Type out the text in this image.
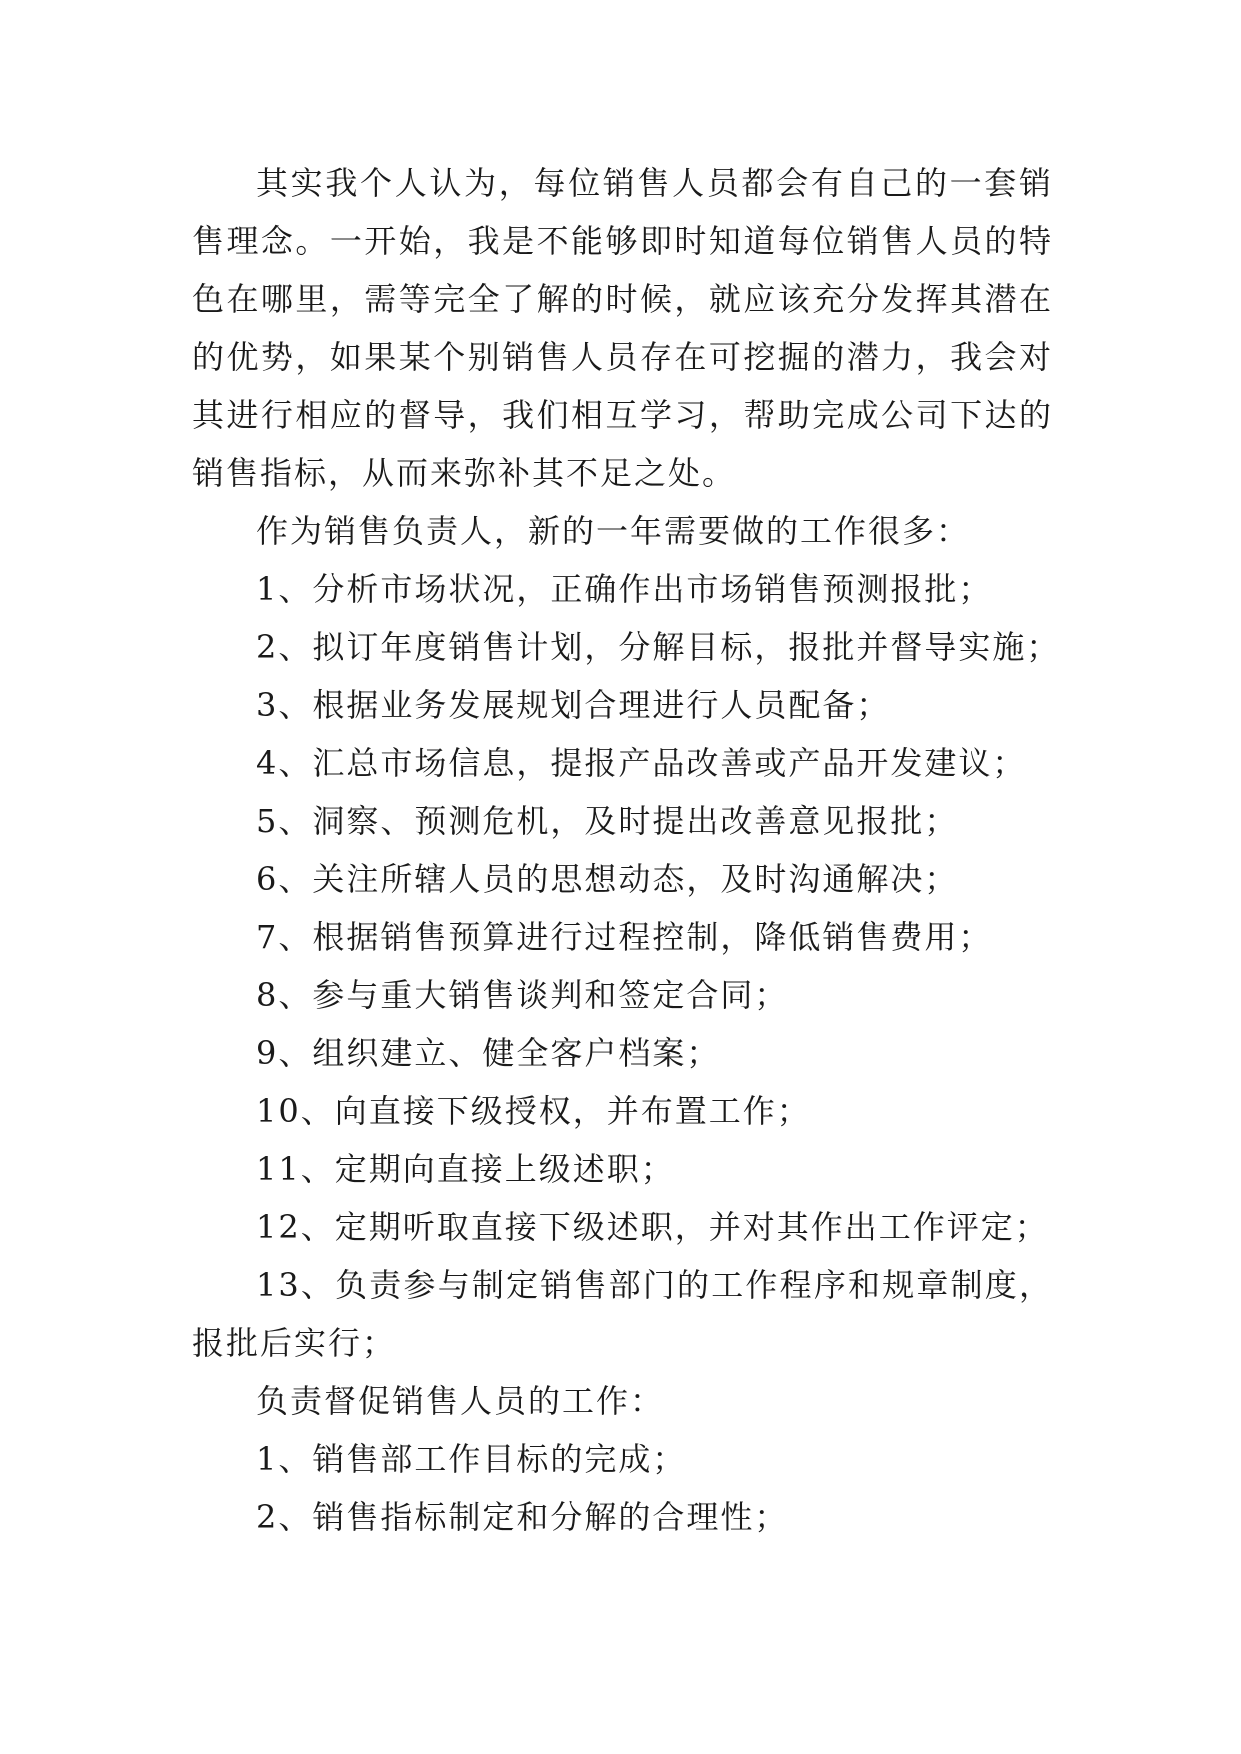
其实我个人认为，每位销售人员都会有自己的一套销售理念。一开始，我是不能够即时知道每位销售人员的特色在哪里，需等完全了解的时候，就应该充分发挥其潜在的优势，如果某个别销售人员存在可挖掘的潜力，我会对其进行相应的督导，我们相互学习，帮助完成公司下达的销售指标，从而来弥补其不足之处。

作为销售负责人，新的一年需要做的工作很多：

1、分析市场状况，正确作出市场销售预测报批；

2、拟订年度销售计划，分解目标，报批并督导实施；

3、根据业务发展规划合理进行人员配备；

4、汇总市场信息，提报产品改善或产品开发建议；

5、洞察、预测危机，及时提出改善意见报批；

6、关注所辖人员的思想动态，及时沟通解决；

7、根据销售预算进行过程控制，降低销售费用；

8、参与重大销售谈判和签定合同；

9、组织建立、健全客户档案；

10、向直接下级授权，并布置工作；

11、定期向直接上级述职；

12、定期听取直接下级述职，并对其作出工作评定；

13、负责参与制定销售部门的工作程序和规章制度，报批后实行；

负责督促销售人员的工作：

1、销售部工作目标的完成；

2、销售指标制定和分解的合理性；
